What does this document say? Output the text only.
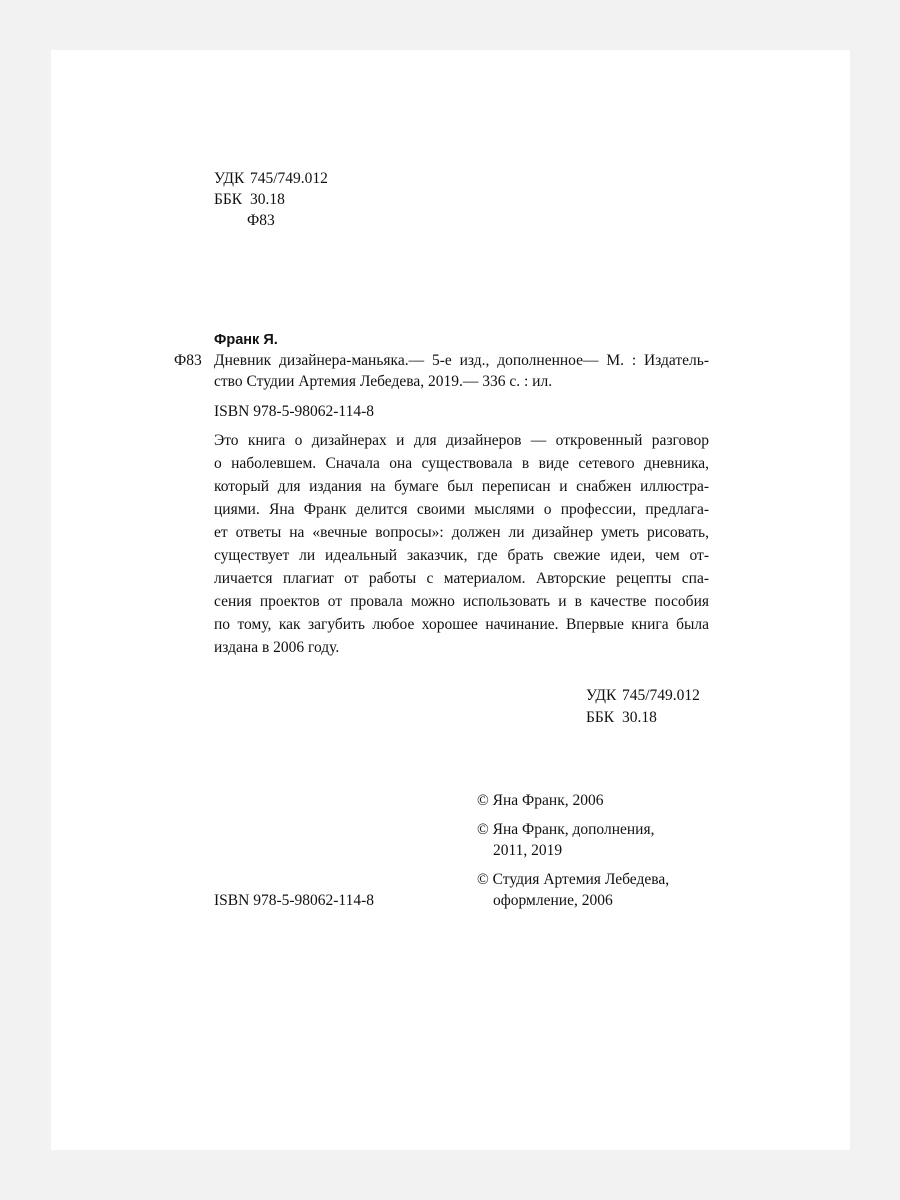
УДК 745/749.012
ББК 30.18
Ф83
Франк Я.
Ф83 Дневник дизайнера-маньяка.— 5-е изд., дополненное— М. : Издатель-
ство Студии Артемия Лебедева, 2019.— 336 с. : ил.
ISBN 978-5-98062-114-8
Это книга о дизайнерах и для дизайнеров — откровенный разговор
о наболевшем. Сначала она существовала в виде сетевого дневника,
который для издания на бумаге был переписан и снабжен иллюстра-
циями. Яна Франк делится своими мыслями о профессии, предлага-
ет ответы на «вечные вопросы»: должен ли дизайнер уметь рисовать,
существует ли идеальный заказчик, где брать свежие идеи, чем от-
личается плагиат от работы с материалом. Авторские рецепты спа-
сения проектов от провала можно использовать и в качестве пособия
по тому, как загубить любое хорошее начинание. Впервые книга была
издана в 2006 году.
УДК 745/749.012
ББК 30.18
© Яна Франк, 2006
© Яна Франк, дополнения,
2011, 2019
© Студия Артемия Лебедева,
оформление, 2006
ISBN 978-5-98062-114-8
